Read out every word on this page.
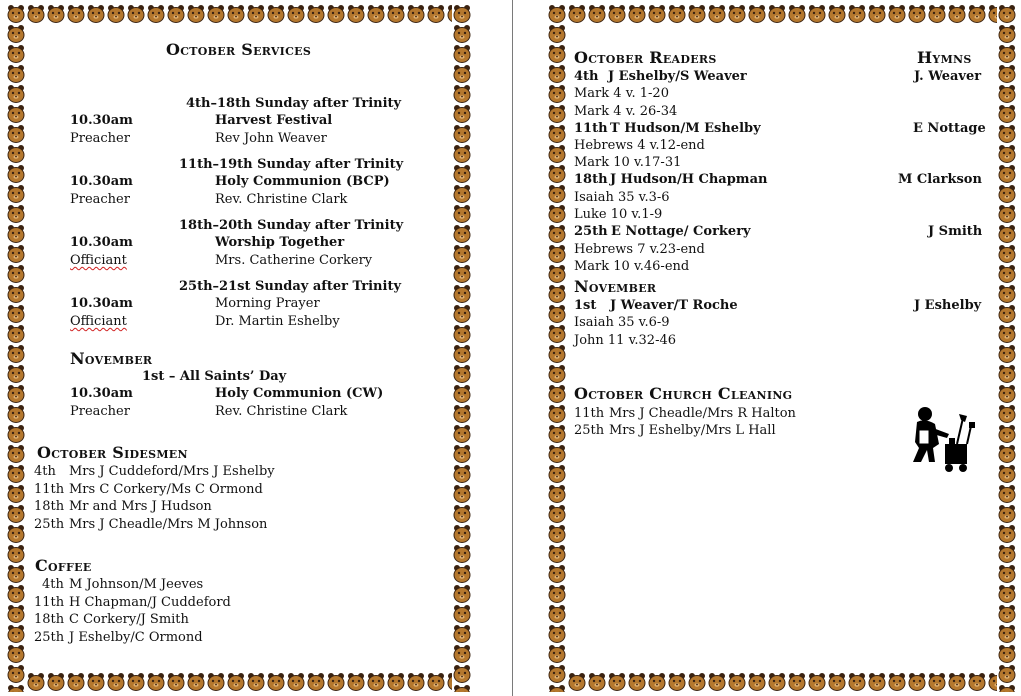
October Services
4th–18th Sunday after Trinity
10.30am	Harvest Festival
Preacher	Rev John Weaver
11th–19th Sunday after Trinity
10.30am	Holy Communion (BCP)
Preacher	Rev. Christine Clark
18th–20th Sunday after Trinity
10.30am	Worship Together
Officiant	Mrs. Catherine Corkery
25th–21st Sunday after Trinity
10.30am	Morning Prayer
Officiant	Dr. Martin Eshelby
November
1st – All Saints’ Day
10.30am	Holy Communion (CW)
Preacher	Rev. Christine Clark
October Sidesmen
4th Mrs J Cuddeford/Mrs J Eshelby
11th Mrs C Corkery/Ms C Ormond
18th Mr and Mrs J Hudson
25th Mrs J Cheadle/Mrs M Johnson
Coffee
4th M Johnson/M Jeeves
11th H Chapman/J Cuddeford
18th C Corkery/J Smith
25th J Eshelby/C Ormond
October Readers	Hymns
4th J Eshelby/S Weaver	J. Weaver
Mark 4 v. 1-20
Mark 4 v. 26-34
11th T Hudson/M Eshelby	E Nottage
Hebrews 4 v.12-end
Mark 10 v.17-31
18th J Hudson/H Chapman	M Clarkson
Isaiah 35 v.3-6
Luke 10 v.1-9
25th E Nottage/ Corkery	J Smith
Hebrews 7 v.23-end
Mark 10 v.46-end
November
1st J Weaver/T Roche	J Eshelby
Isaiah 35 v.6-9
John 11 v.32-46
October Church Cleaning
11th Mrs J Cheadle/Mrs R Halton
25th Mrs J Eshelby/Mrs L Hall
